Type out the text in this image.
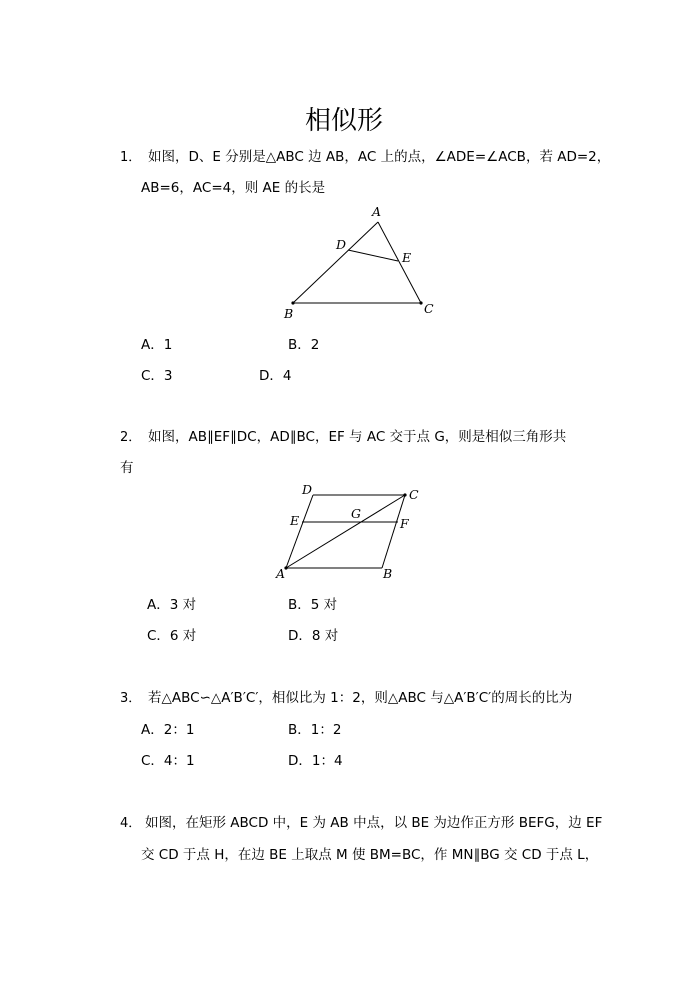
相似形
1． 如图，D、E 分别是△ABC 边 AB，AC 上的点，∠ADE=∠ACB，若 AD=2，
AB=6，AC=4，则 AE 的长是
A
D
E
B	C
A．1	B．2
C．3	D．4
2． 如图，AB∥EF∥DC，AD∥BC，EF 与 AC 交于点 G，则是相似三角形共
有
D	C
E	G
F
A	B
A．3 对	B．5 对
C．6 对	D．8 对
3． 若△ABC∽△A′B′C′，相似比为 1：2，则△ABC 与△A′B′C′的周长的比为
A．2：1	B．1：2
C．4：1	D．1：4
4． 如图，在矩形 ABCD 中，E 为 AB 中点，以 BE 为边作正方形 BEFG，边 EF
交 CD 于点 H，在边 BE 上取点 M 使 BM=BC，作 MN∥BG 交 CD 于点 L，
